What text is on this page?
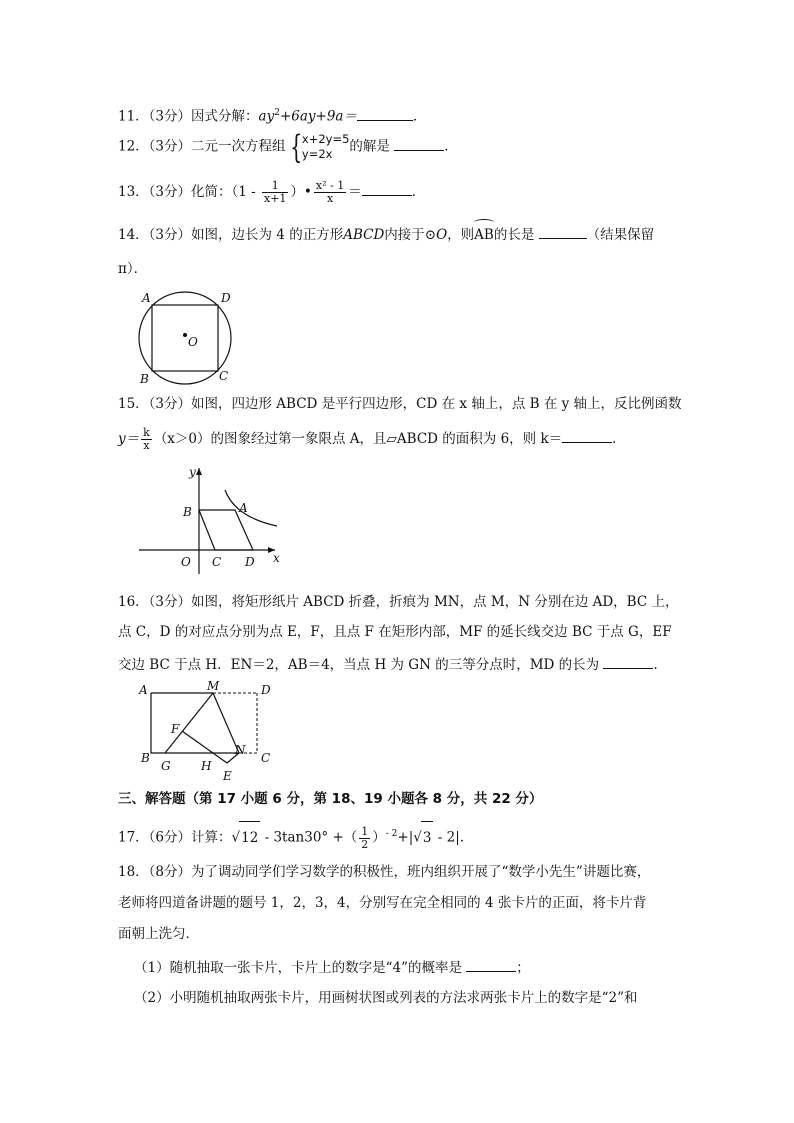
11．（3分）因式分解：$ay^2+6ay+9a=$	．
12．（3分）二元一次方程组 { x+2y=5
y=2x	的解是	．
13．（3分）化简：（$1 - \frac{1}{x+1}$ ）• $\frac{\text{x² - 1}}{x}$ ＝	．
14．（3分）如图，边长为 4 的正方形ABCD内接于⊙O，则
AB的长是	（结果保留
π）．
A	D
O
B	C
15．（3分）如图，四边形 ABCD 是平行四边形，CD 在 x 轴上，点 B 在 y 轴上，反比例函数
$y= \frac{k}{x} (x>0)$的图象经过第一象限点 A，且▱ABCD 的面积为 6，则 k＝	．
y
x
B	A
O C D
16．（3分）如图，将矩形纸片 ABCD 折叠，折痕为 MN，点 M，N 分别在边 AD，BC 上，
点 C，D 的对应点分别为点 E，F，且点 F 在矩形内部，MF 的延长线交边 BC 于点 G，EF
交边 BC 于点 H．EN＝2，AB＝4，当点 H 为 GN 的三等分点时，MD 的长为	．
A	M	D
F
N
B
G	H
C
E
三、解答题（第 17 小题 6 分，第 18、19 小题各 8 分，共 22 分）
17．（6分）计算：√12 - 3tan30° +（ $\frac{1}{2} )^{- 2}+|√3 - 2|$.
18．（8分）为了调动同学们学习数学的积极性，班内组织开展了“数学小先生”讲题比赛，
老师将四道备讲题的题号 1，2，3，4，分别写在完全相同的 4 张卡片的正面，将卡片背
面朝上洗匀．
（1）随机抽取一张卡片，卡片上的数字是“4”的概率是	；
（2）小明随机抽取两张卡片，用画树状图或列表的方法求两张卡片上的数字是“2”和
